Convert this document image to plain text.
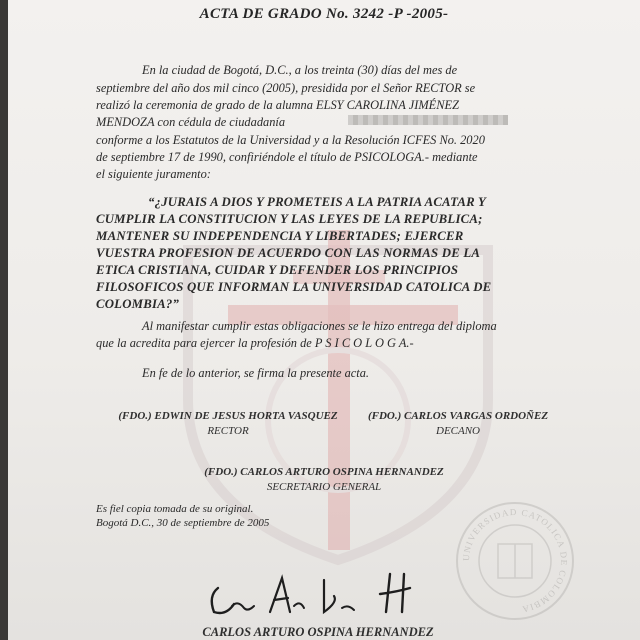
ACTA DE GRADO No. 3242 -P -2005-
En la ciudad de Bogotá, D.C., a los treinta (30) días del mes de
septiembre del año dos mil cinco (2005), presidida por el Señor RECTOR se
realizó la ceremonia de grado de la alumna ELSY CAROLINA JIMÉNEZ
MENDOZA con cédula de ciudadanía
conforme a los Estatutos de la Universidad y a la Resolución ICFES No. 2020
de septiembre 17 de 1990, confiriéndole el título de PSICOLOGA.- mediante
el siguiente juramento:
“¿JURAIS A DIOS Y PROMETEIS A LA PATRIA ACATAR Y
CUMPLIR LA CONSTITUCION Y LAS LEYES DE LA REPUBLICA;
MANTENER SU INDEPENDENCIA Y LIBERTADES; EJERCER
VUESTRA PROFESION DE ACUERDO CON LAS NORMAS DE LA
ETICA CRISTIANA, CUIDAR Y DEFENDER LOS PRINCIPIOS
FILOSOFICOS QUE INFORMAN LA UNIVERSIDAD CATOLICA DE
COLOMBIA?”
Al manifestar cumplir estas obligaciones se le hizo entrega del diploma
que la acredita para ejercer la profesión de P S I C O L O G A.-
En fe de lo anterior, se firma la presente acta.
(FDO.) EDWIN DE JESUS HORTA VASQUEZ
RECTOR
(FDO.) CARLOS VARGAS ORDOÑEZ
DECANO
(FDO.) CARLOS ARTURO OSPINA HERNANDEZ
SECRETARIO GENERAL
Es fiel copia tomada de su original.
Bogotá D.C., 30 de septiembre de 2005
UNIVERSIDAD CATOLICA DE COLOMBIA
CARLOS ARTURO OSPINA HERNANDEZ
